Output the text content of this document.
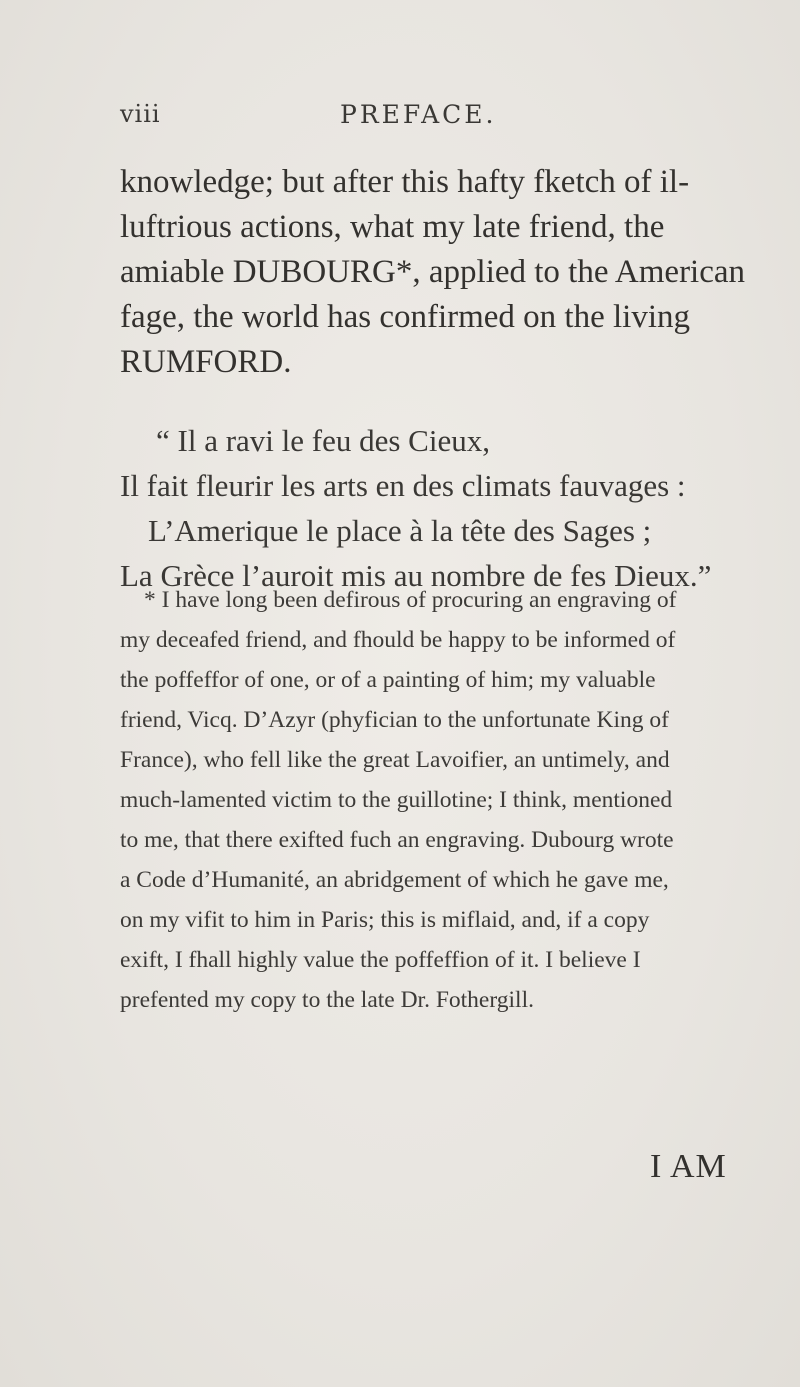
viii	PREFACE.
knowledge; but after this hafty fketch of il-
luftrious actions, what my late friend, the
amiable DUBOURG*, applied to the American
fage, the world has confirmed on the living
RUMFORD.
“ Il a ravi le feu des Cieux,
Il fait fleurir les arts en des climats fauvages :
L’Amerique le place à la tête des Sages ;
La Grèce l’auroit mis au nombre de fes Dieux.”
* I have long been defirous of procuring an engraving of
my deceafed friend, and fhould be happy to be informed of
the poffeffor of one, or of a painting of him; my valuable
friend, Vicq. D’Azyr (phyfician to the unfortunate King of
France), who fell like the great Lavoifier, an untimely, and
much-lamented victim to the guillotine; I think, mentioned
to me, that there exifted fuch an engraving. Dubourg wrote
a Code d’Humanité, an abridgement of which he gave me,
on my vifit to him in Paris; this is miflaid, and, if a copy
exift, I fhall highly value the poffeffion of it. I believe I
prefented my copy to the late Dr. Fothergill.
I AM
